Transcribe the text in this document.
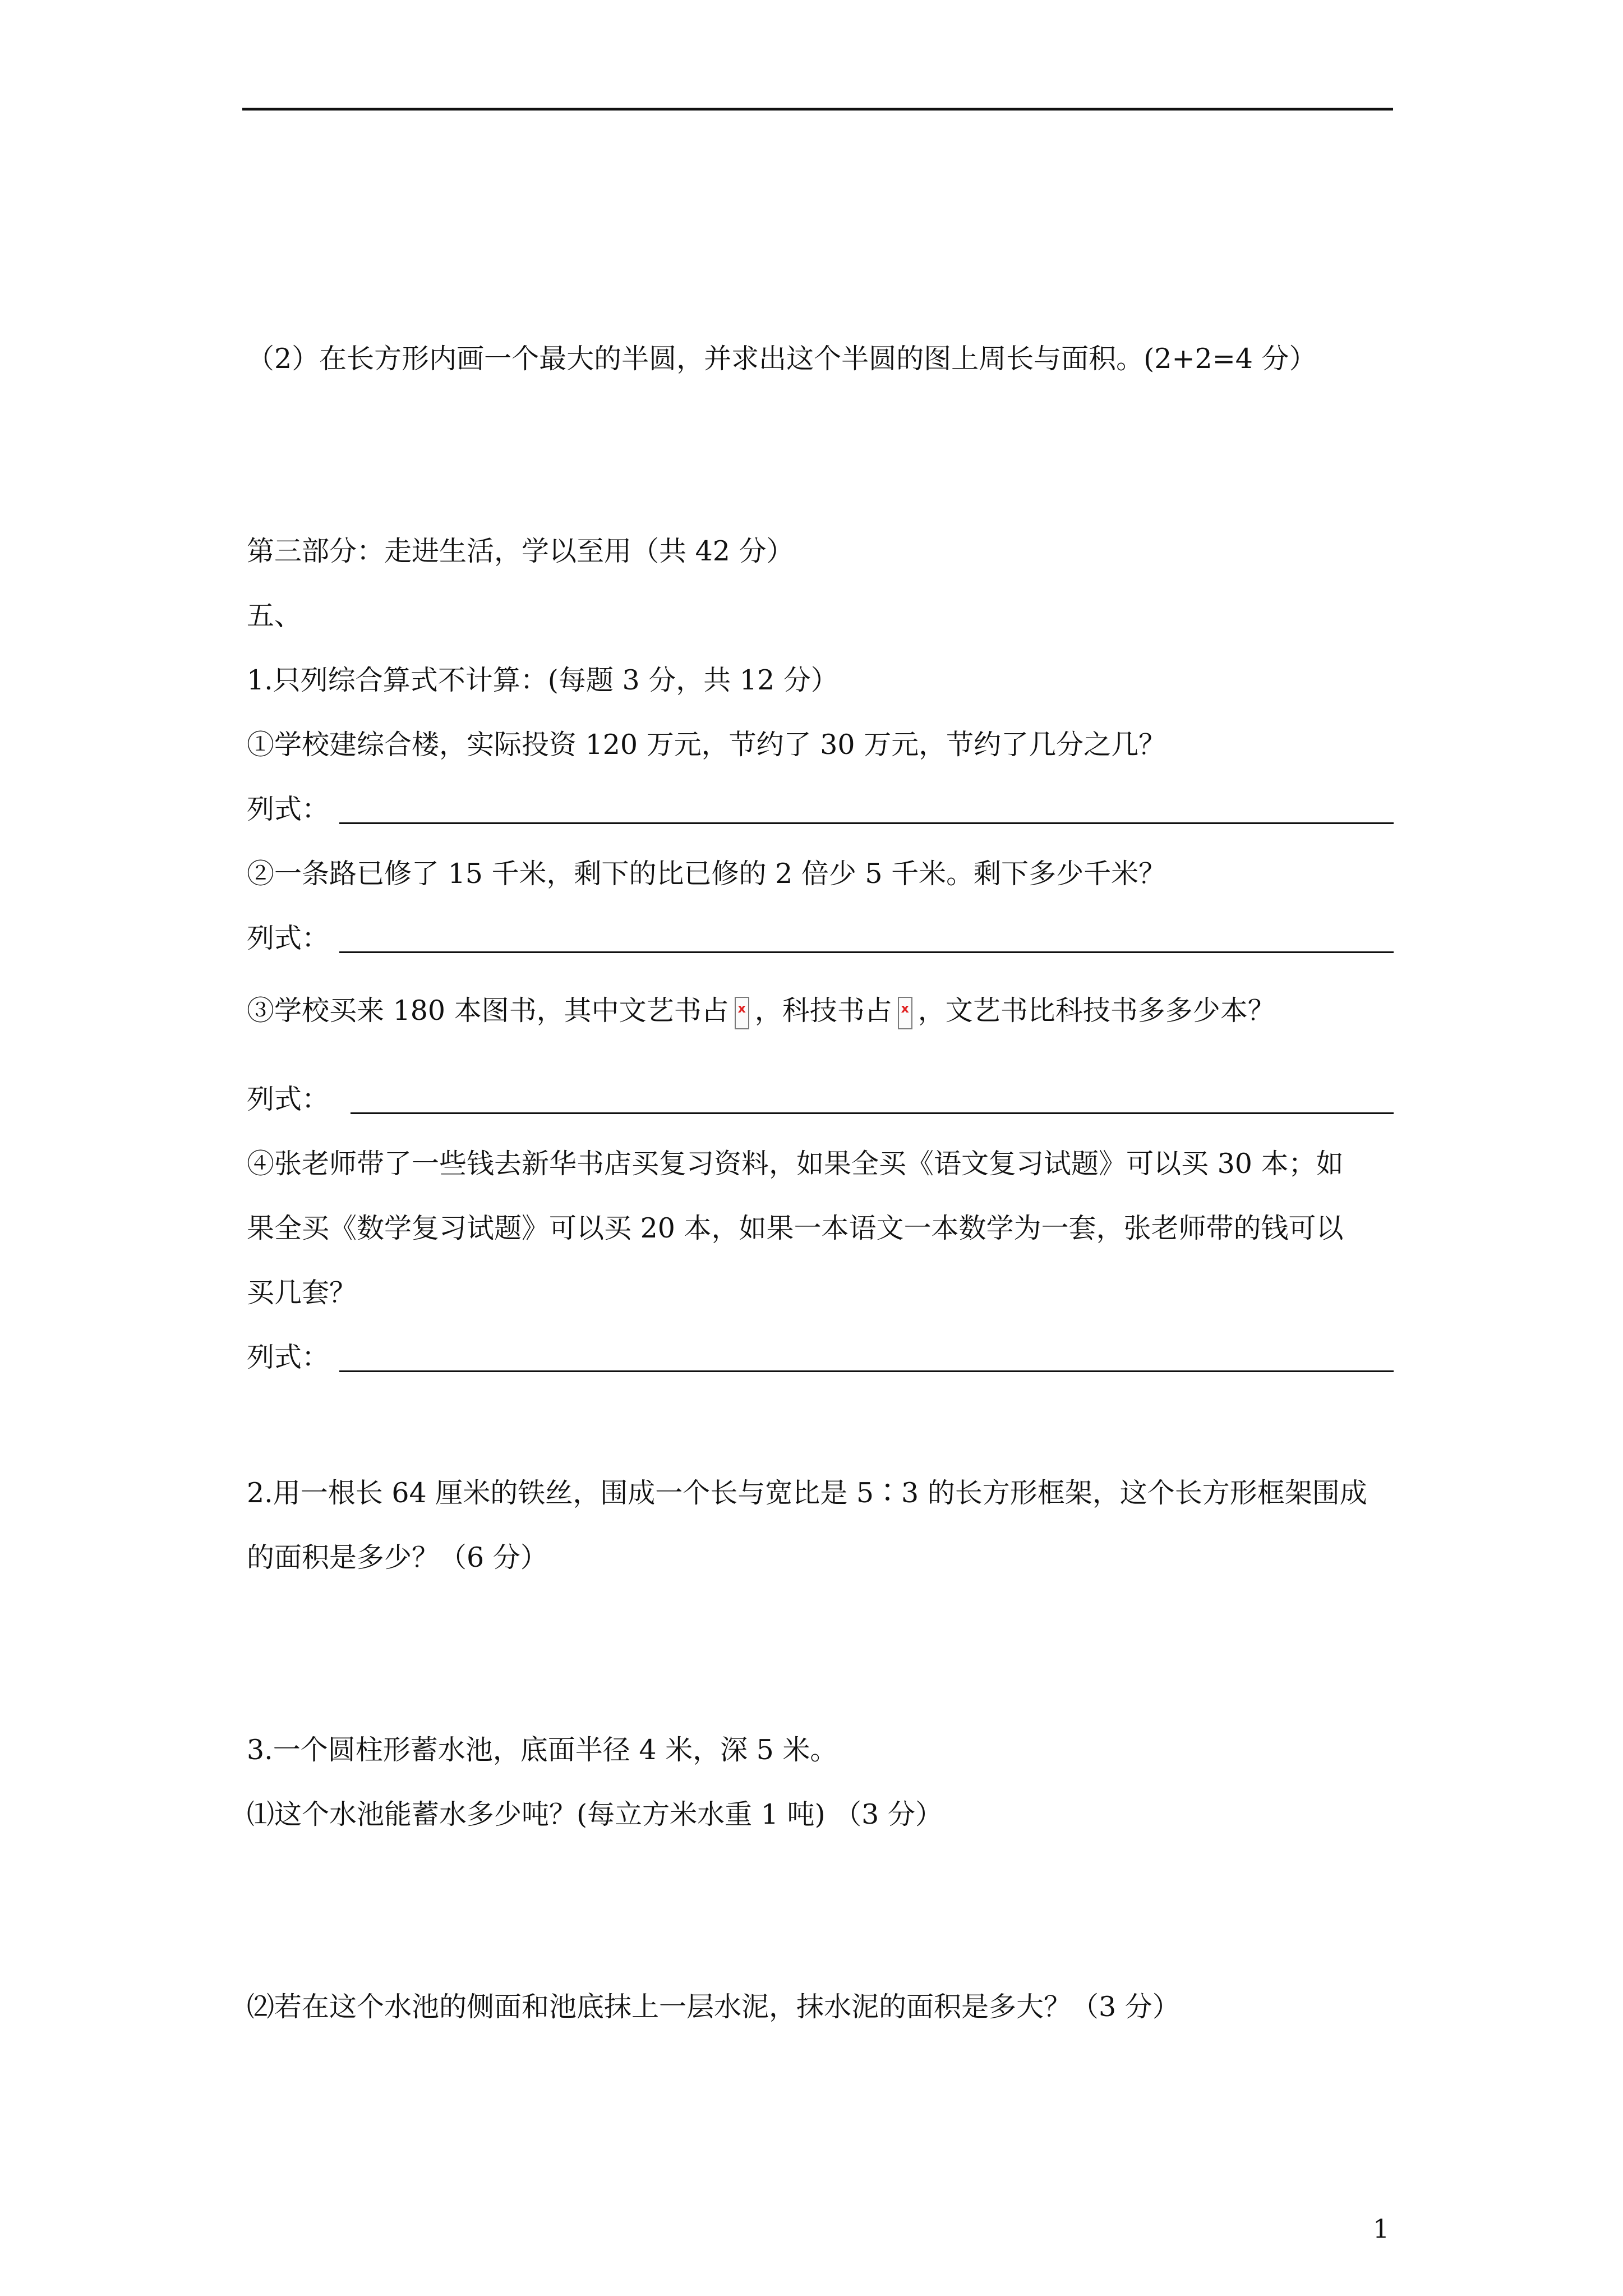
（2）在长方形内画一个最大的半圆，并求出这个半圆的图上周长与面积。(2+2=4 分）
第三部分：走进生活，学以至用（共 42 分）
五、
1.只列综合算式不计算：(每题 3 分，共 12 分）
①学校建综合楼，实际投资 120 万元，节约了 30 万元，节约了几分之几？
列式：
②一条路已修了 15 千米，剩下的比已修的 2 倍少 5 千米。剩下多少千米？
列式：
③学校买来 180 本图书，其中文艺书占 x ，科技书占 x ，文艺书比科技书多多少本？
列式：
④张老师带了一些钱去新华书店买复习资料，如果全买《语文复习试题》可以买 30 本；如
果全买《数学复习试题》可以买 20 本，如果一本语文一本数学为一套，张老师带的钱可以
买几套？
列式：
2.用一根长 64 厘米的铁丝，围成一个长与宽比是 5∶3 的长方形框架，这个长方形框架围成
的面积是多少？（6 分）
3.一个圆柱形蓄水池，底面半径 4 米，深 5 米。
⑴这个水池能蓄水多少吨？(每立方米水重 1 吨) （3 分）
⑵若在这个水池的侧面和池底抹上一层水泥，抹水泥的面积是多大？（3 分）
1
